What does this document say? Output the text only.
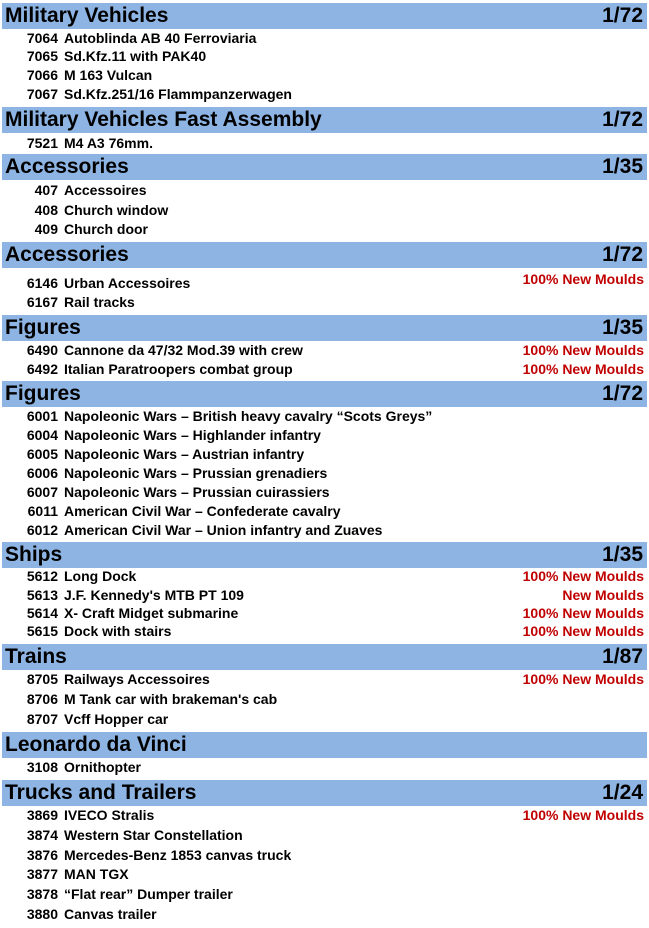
Military Vehicles	1/72
7064 Autoblinda AB 40 Ferroviaria
7065 Sd.Kfz.11 with PAK40
7066 M 163 Vulcan
7067 Sd.Kfz.251/16 Flammpanzerwagen
Military Vehicles Fast Assembly	1/72
7521 M4 A3 76mm.
Accessories	1/35
407 Accessoires
408 Church window
409 Church door
Accessories	1/72
6146 Urban Accessoires	100% New Moulds
6167 Rail tracks
Figures	1/35
6490 Cannone da 47/32 Mod.39 with crew	100% New Moulds
6492 Italian Paratroopers combat group	100% New Moulds
Figures	1/72
6001 Napoleonic Wars – British heavy cavalry “Scots Greys”
6004 Napoleonic Wars – Highlander infantry
6005 Napoleonic Wars – Austrian infantry
6006 Napoleonic Wars – Prussian grenadiers
6007 Napoleonic Wars – Prussian cuirassiers
6011 American Civil War – Confederate cavalry
6012 American Civil War – Union infantry and Zuaves
Ships	1/35
5612 Long Dock	100% New Moulds
5613 J.F. Kennedy's MTB PT 109	New Moulds
5614 X- Craft Midget submarine	100% New Moulds
5615 Dock with stairs	100% New Moulds
Trains	1/87
8705 Railways Accessoires	100% New Moulds
8706 M Tank car with brakeman's cab
8707 Vcff Hopper car
Leonardo da Vinci
3108 Ornithopter
Trucks and Trailers	1/24
3869 IVECO Stralis	100% New Moulds
3874 Western Star Constellation
3876 Mercedes-Benz 1853 canvas truck
3877 MAN TGX
3878 “Flat rear” Dumper trailer
3880 Canvas trailer
